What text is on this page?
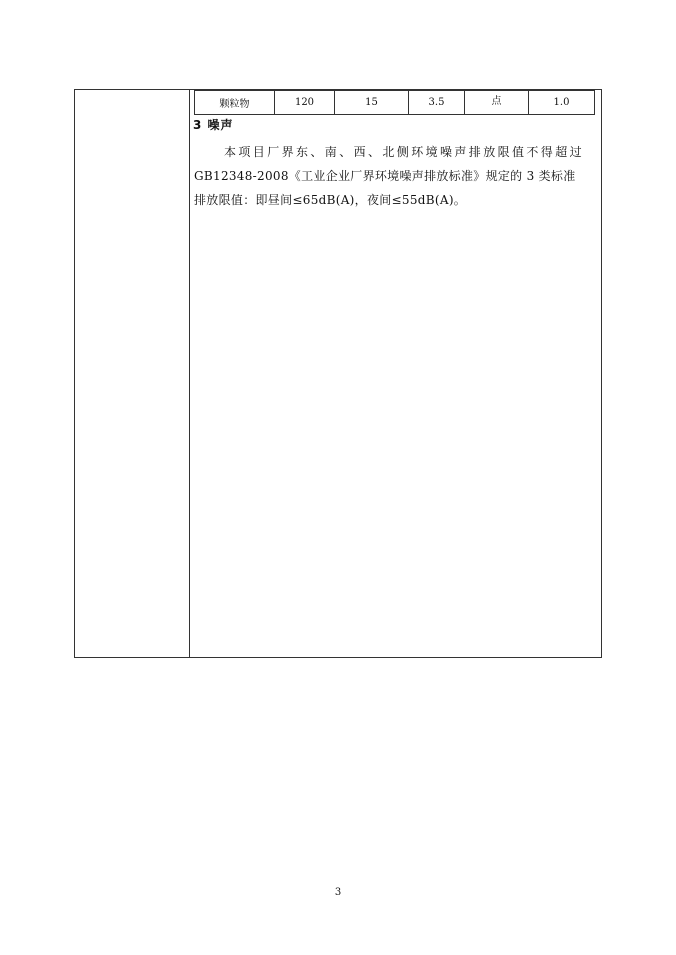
颗粒物	120	15	3.5	点	1.0
3 噪声

本项目厂界东、南、西、北侧环境噪声排放限值不得超过
GB12348-2008《工业企业厂界环境噪声排放标准》规定的 3 类标准
排放限值：即昼间≤65dB(A)，夜间≤55dB(A)。

3
